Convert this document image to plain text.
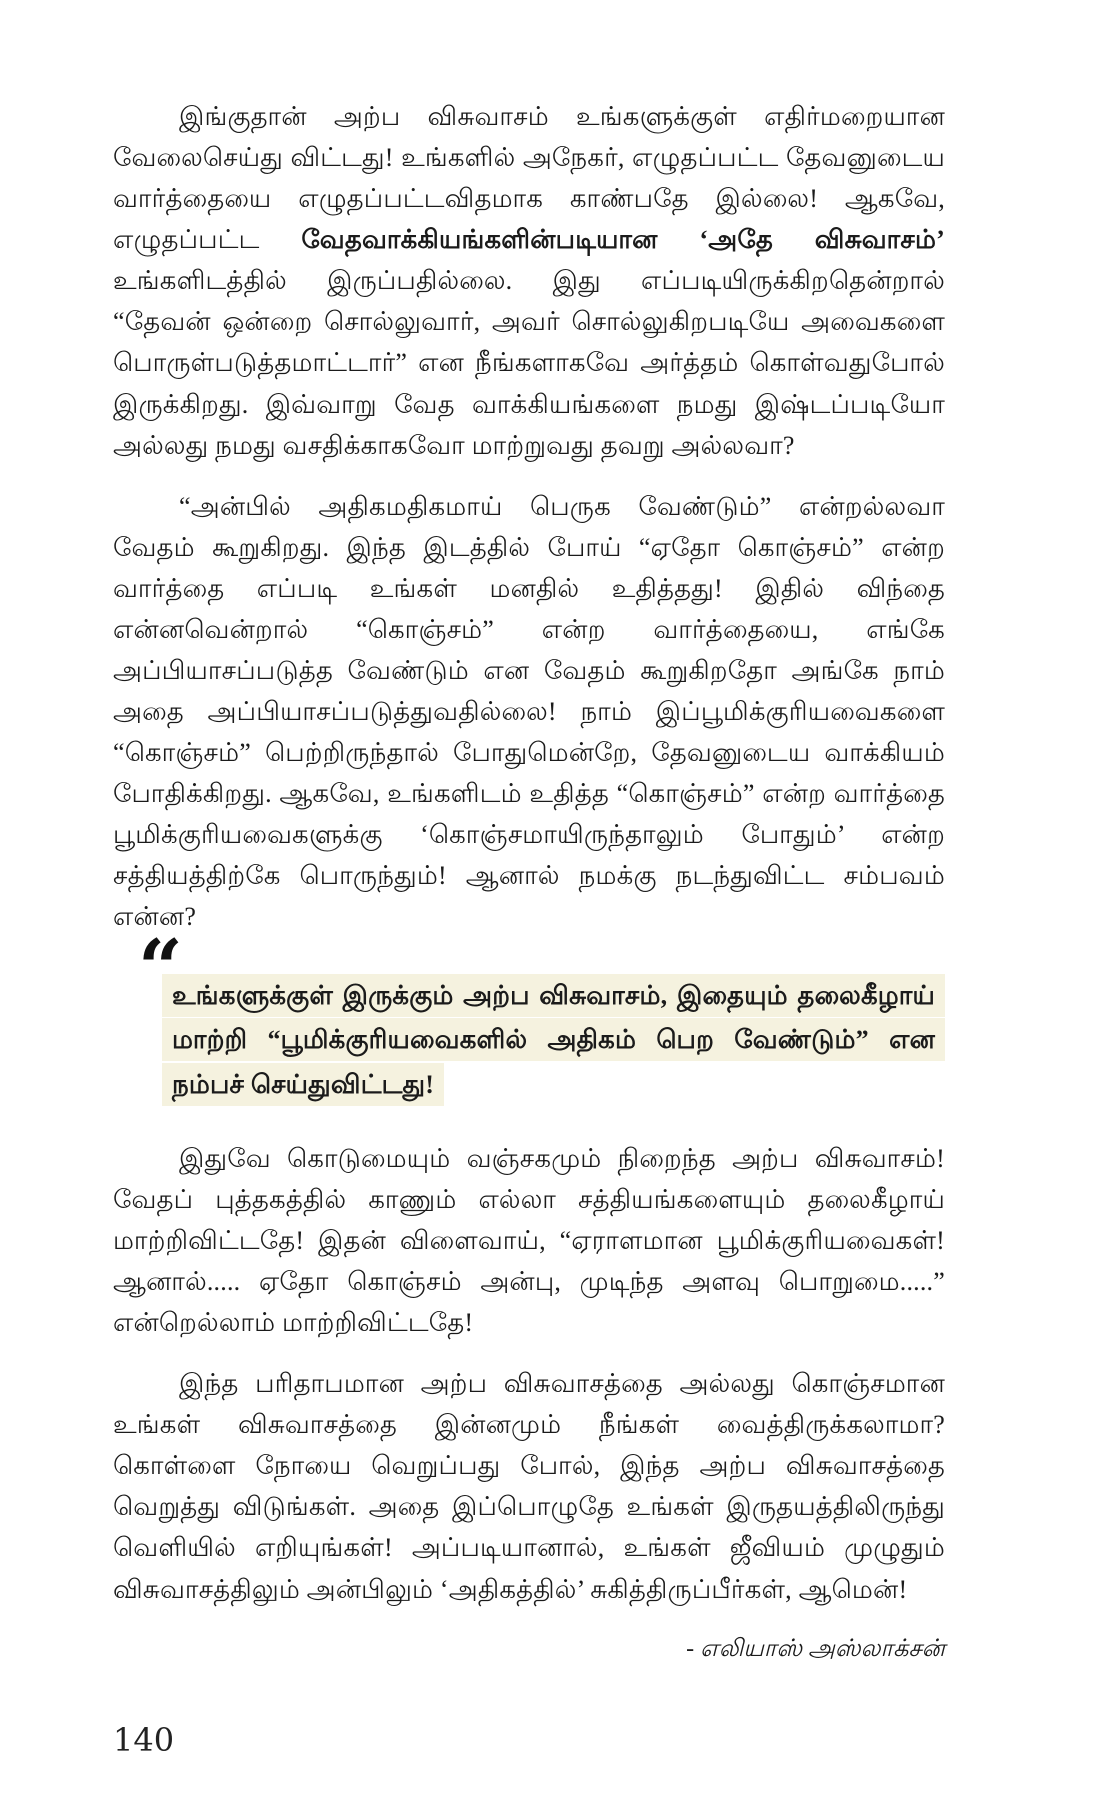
இங்குதான் அற்ப விசுவாசம் உங்களுக்குள் எதிர்மறையான வேலைசெய்து விட்டது! உங்களில் அநேகர், எழுதப்பட்ட தேவனுடைய வார்த்தையை எழுதப்பட்டவிதமாக காண்பதே இல்லை! ஆகவே, எழுதப்பட்ட வேதவாக்கியங்களின்படியான ‘அதே விசுவாசம்’ உங்களிடத்தில் இருப்பதில்லை. இது எப்படியிருக்கிறதென்றால் “தேவன் ஒன்றை சொல்லுவார், அவர் சொல்லுகிறபடியே அவைகளை பொருள்படுத்தமாட்டார்” என நீங்களாகவே அர்த்தம் கொள்வதுபோல் இருக்கிறது. இவ்வாறு வேத வாக்கியங்களை நமது இஷ்டப்படியோ அல்லது நமது வசதிக்காகவோ மாற்றுவது தவறு அல்லவா?

“அன்பில் அதிகமதிகமாய் பெருக வேண்டும்” என்றல்லவா வேதம் கூறுகிறது. இந்த இடத்தில் போய் “ஏதோ கொஞ்சம்” என்ற வார்த்தை எப்படி உங்கள் மனதில் உதித்தது! இதில் விந்தை என்னவென்றால் “கொஞ்சம்” என்ற வார்த்தையை, எங்கே அப்பியாசப்படுத்த வேண்டும் என வேதம் கூறுகிறதோ அங்கே நாம் அதை அப்பியாசப்படுத்துவதில்லை! நாம் இப்பூமிக்குரியவைகளை “கொஞ்சம்” பெற்றிருந்தால் போதுமென்றே, தேவனுடைய வாக்கியம் போதிக்கிறது. ஆகவே, உங்களிடம் உதித்த “கொஞ்சம்” என்ற வார்த்தை பூமிக்குரியவைகளுக்கு ‘கொஞ்சமாயிருந்தாலும் போதும்’ என்ற சத்தியத்திற்கே பொருந்தும்! ஆனால் நமக்கு நடந்துவிட்ட சம்பவம் என்ன?

“
உங்களுக்குள் இருக்கும் அற்ப விசுவாசம், இதையும் தலைகீழாய் மாற்றி “பூமிக்குரியவைகளில் அதிகம் பெற வேண்டும்” என நம்பச் செய்துவிட்டது!

இதுவே கொடுமையும் வஞ்சகமும் நிறைந்த அற்ப விசுவாசம்! வேதப் புத்தகத்தில் காணும் எல்லா சத்தியங்களையும் தலைகீழாய் மாற்றிவிட்டதே! இதன் விளைவாய், “ஏராளமான பூமிக்குரியவைகள்! ஆனால்..... ஏதோ கொஞ்சம் அன்பு, முடிந்த அளவு பொறுமை.....” என்றெல்லாம் மாற்றிவிட்டதே!

இந்த பரிதாபமான அற்ப விசுவாசத்தை அல்லது கொஞ்சமான உங்கள் விசுவாசத்தை இன்னமும் நீங்கள் வைத்திருக்கலாமா? கொள்ளை நோயை வெறுப்பது போல், இந்த அற்ப விசுவாசத்தை வெறுத்து விடுங்கள். அதை இப்பொழுதே உங்கள் இருதயத்திலிருந்து வெளியில் எறியுங்கள்! அப்படியானால், உங்கள் ஜீவியம் முழுதும் விசுவாசத்திலும் அன்பிலும் ‘அதிகத்தில்’ சுகித்திருப்பீர்கள், ஆமென்!

- எலியாஸ் அஸ்லாக்சன்
140
